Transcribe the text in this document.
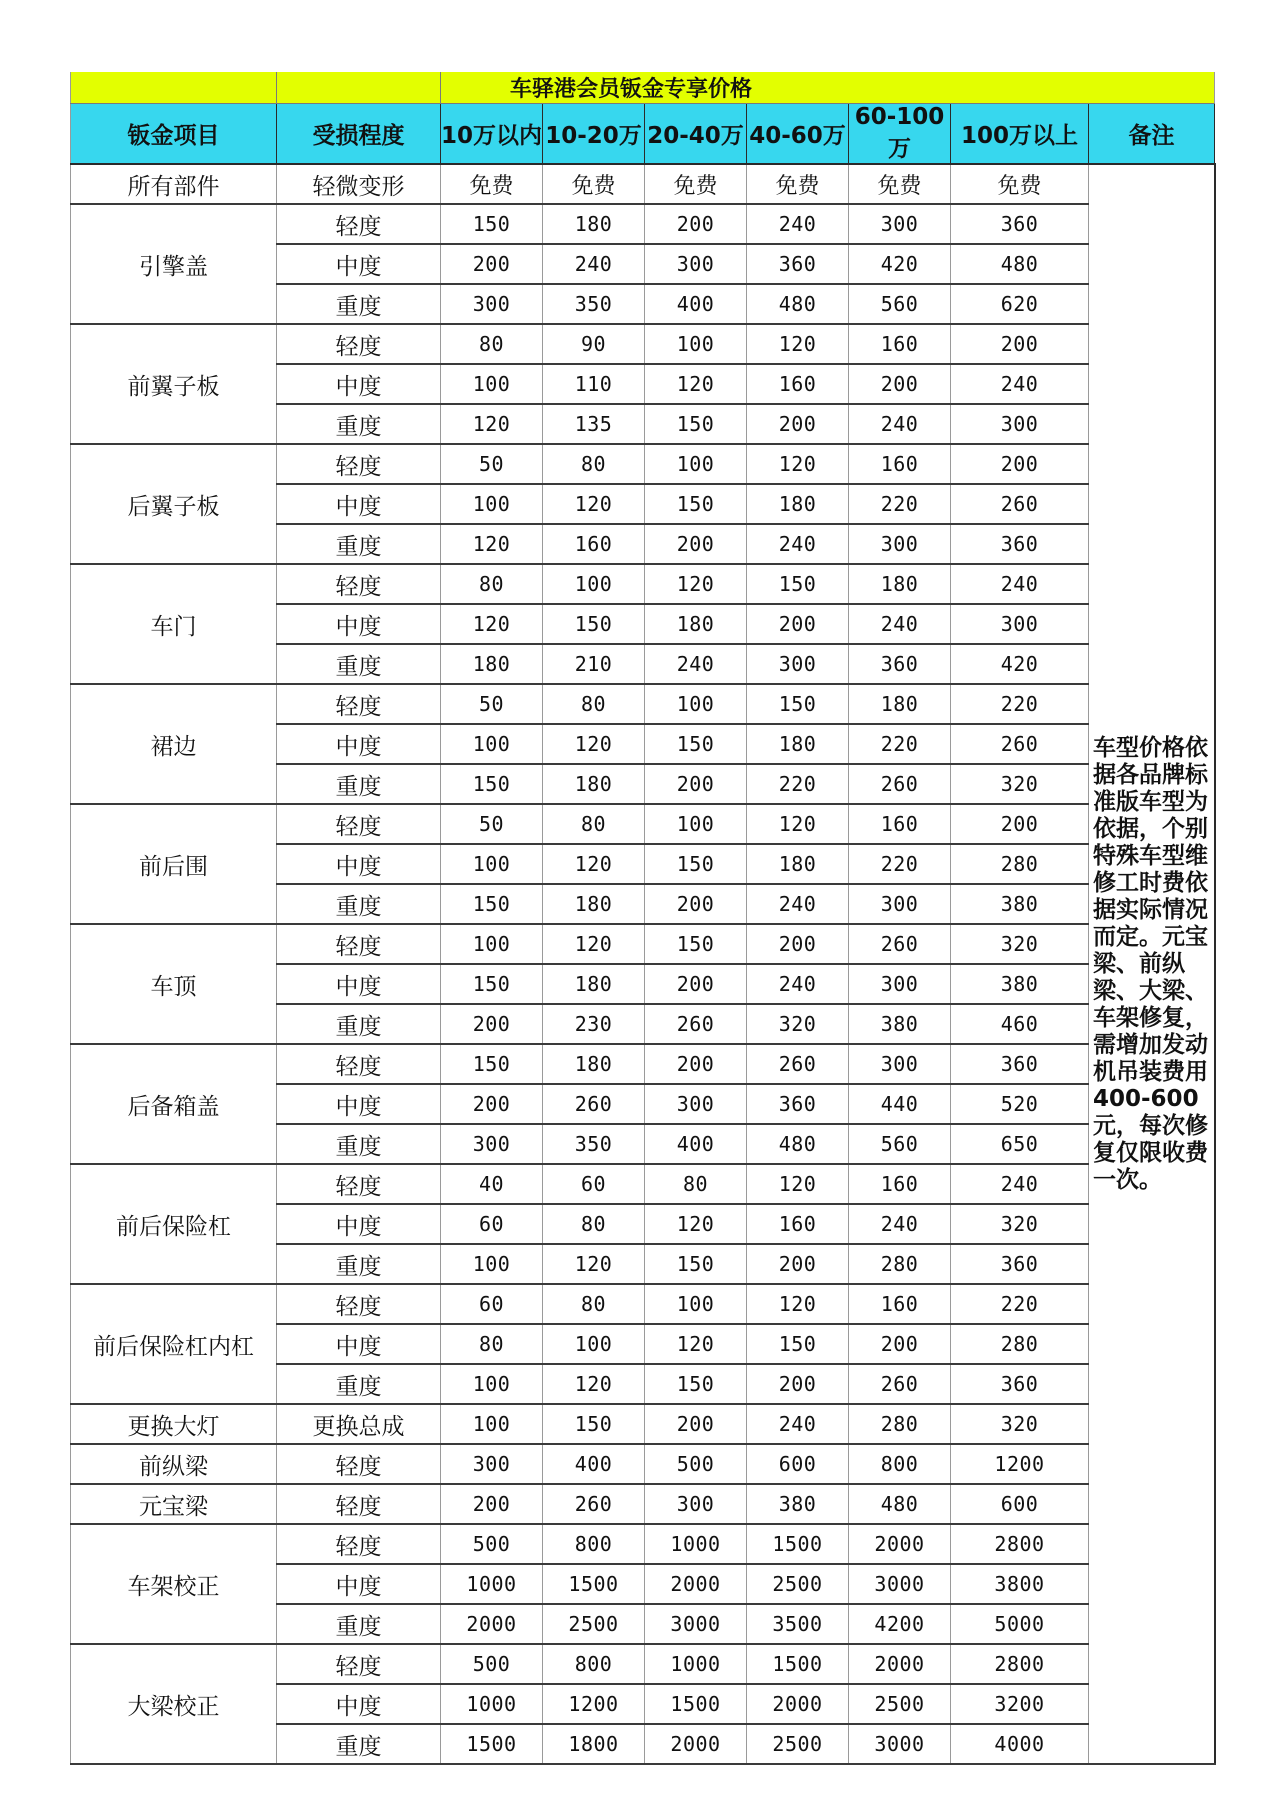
		车驿港会员钣金专享价格						
钣金项目	受损程度	10万以内	10-20万	20-40万	40-60万	60-100万	100万以上	备注
所有部件	轻微变形	免费	免费	免费	免费	免费	免费	车型价格依据各品牌标准版车型为依据，个别特殊车型维修工时费依据实际情况而定。元宝梁、前纵梁、大梁、车架修复，需增加发动机吊装费用400-600元，每次修复仅限收费一次。

引擎盖	轻度	150	180	200	240	300	360	
	中度	200	240	300	360	420	480	
	重度	300	350	400	480	560	620	
前翼子板	轻度	80	90	100	120	160	200	
	中度	100	110	120	160	200	240	
	重度	120	135	150	200	240	300	
后翼子板	轻度	50	80	100	120	160	200	
	中度	100	120	150	180	220	260	
	重度	120	160	200	240	300	360	
车门	轻度	80	100	120	150	180	240	
	中度	120	150	180	200	240	300	
	重度	180	210	240	300	360	420	
裙边	轻度	50	80	100	150	180	220	
	中度	100	120	150	180	220	260	
	重度	150	180	200	220	260	320	
前后围	轻度	50	80	100	120	160	200	
	中度	100	120	150	180	220	280	
	重度	150	180	200	240	300	380	
车顶	轻度	100	120	150	200	260	320	
	中度	150	180	200	240	300	380	
	重度	200	230	260	320	380	460	
后备箱盖	轻度	150	180	200	260	300	360	
	中度	200	260	300	360	440	520	
	重度	300	350	400	480	560	650	
前后保险杠	轻度	40	60	80	120	160	240	
	中度	60	80	120	160	240	320	
	重度	100	120	150	200	280	360	
前后保险杠内杠	轻度	60	80	100	120	160	220	
	中度	80	100	120	150	200	280	
	重度	100	120	150	200	260	360	
更换大灯	更换总成	100	150	200	240	280	320	
前纵梁	轻度	300	400	500	600	800	1200	
元宝梁	轻度	200	260	300	380	480	600	
车架校正	轻度	500	800	1000	1500	2000	2800	
	中度	1000	1500	2000	2500	3000	3800	
	重度	2000	2500	3000	3500	4200	5000	
大梁校正	轻度	500	800	1000	1500	2000	2800	
	中度	1000	1200	1500	2000	2500	3200	
	重度	1500	1800	2000	2500	3000	4000	
